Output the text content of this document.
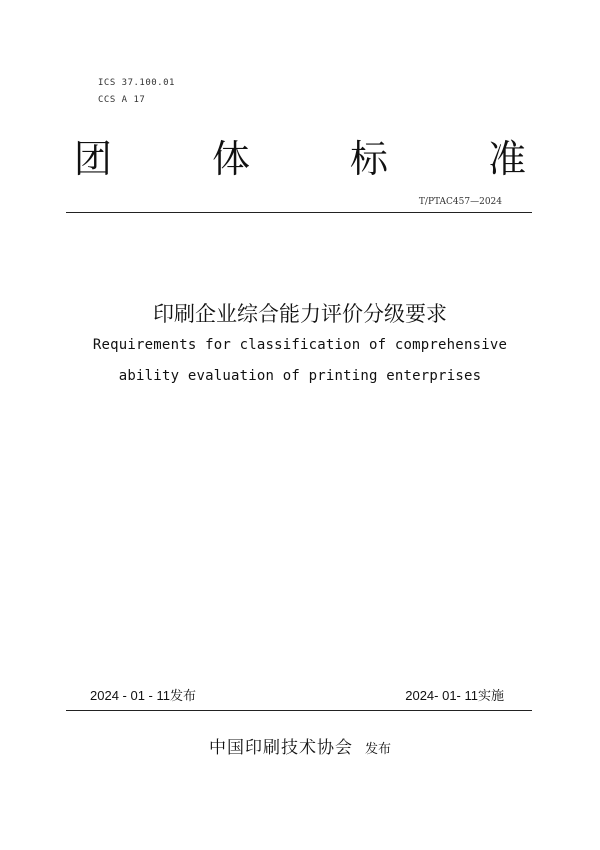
ICS 37.100.01
CCS A 17
团 体 标 准
T/PTAC457—2024
印刷企业综合能力评价分级要求
Requirements for classification of comprehensive
ability evaluation of printing enterprises
2024 - 01 - 11发布	2024- 01- 11实施
中国印刷技术协会 发布
